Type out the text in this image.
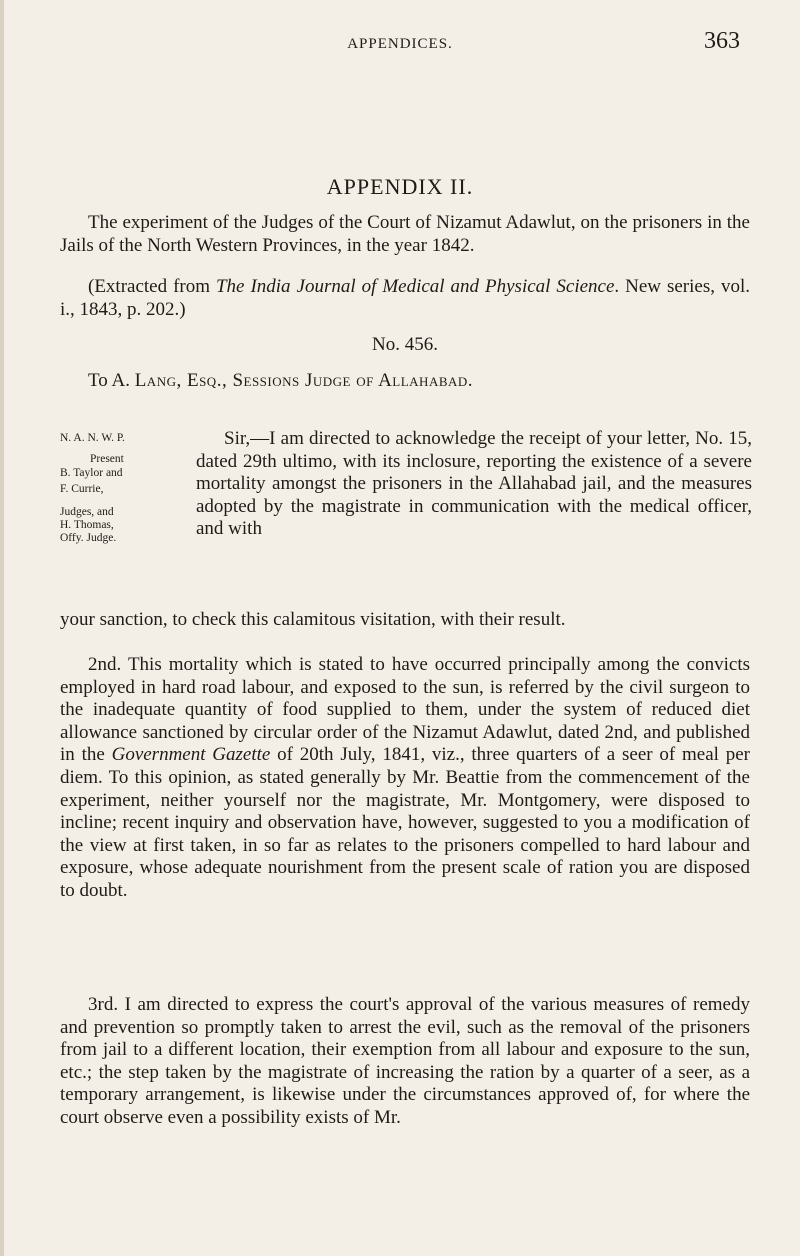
APPENDICES.	363
APPENDIX II.

The experiment of the Judges of the Court of Nizamut Adawlut, on the prisoners in the Jails of the North Western Provinces, in the year 1842.

(Extracted from The India Journal of Medical and Physical Science. New series, vol. i., 1843, p. 202.)

No. 456.

To A. Lang, Esq., Sessions Judge of Allahabad.

N. A. N. W. P.
Present
B. Taylor and
F. Currie,
Judges, and
H. Thomas,
Offy. Judge.

Sir,—I am directed to acknowledge the receipt of your letter, No. 15, dated 29th ultimo, with its inclosure, reporting the existence of a severe mortality amongst the prisoners in the Allahabad jail, and the measures adopted by the magistrate in communication with the medical officer, and with

your sanction, to check this calamitous visitation, with their result.

2nd. This mortality which is stated to have occurred principally among the convicts employed in hard road labour, and exposed to the sun, is referred by the civil surgeon to the inadequate quantity of food supplied to them, under the system of reduced diet allowance sanctioned by circular order of the Nizamut Adawlut, dated 2nd, and published in the Government Gazette of 20th July, 1841, viz., three quarters of a seer of meal per diem. To this opinion, as stated generally by Mr. Beattie from the commencement of the experiment, neither yourself nor the magistrate, Mr. Montgomery, were disposed to incline; recent inquiry and observation have, however, suggested to you a modification of the view at first taken, in so far as relates to the prisoners compelled to hard labour and exposure, whose adequate nourishment from the present scale of ration you are disposed to doubt.

3rd. I am directed to express the court's approval of the various measures of remedy and prevention so promptly taken to arrest the evil, such as the removal of the prisoners from jail to a different location, their exemption from all labour and exposure to the sun, etc.; the step taken by the magistrate of increasing the ration by a quarter of a seer, as a temporary arrangement, is likewise under the circumstances approved of, for where the court observe even a possibility exists of Mr.
